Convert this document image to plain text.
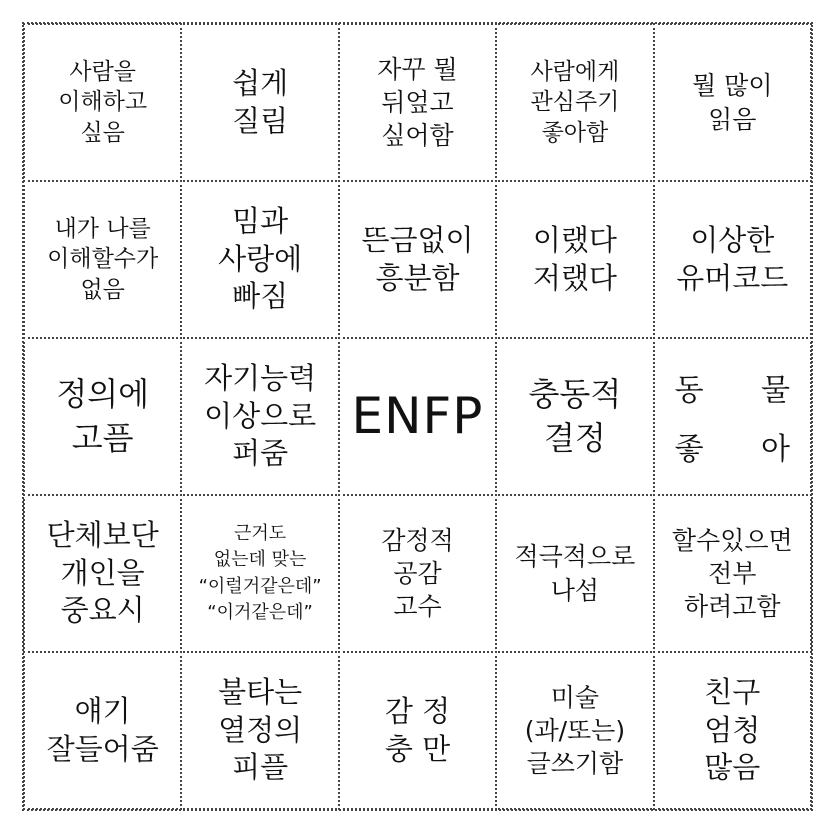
사람을
이해하고
싶음
쉽게
질림
자꾸 뭘
뒤엎고
싶어함
사람에게
관심주기
좋아함
뭘 많이
읽음
내가 나를
이해할수가
없음
밈과
사랑에
빠짐
뜬금없이
흥분함
이랬다
저랬다
이상한
유머코드
정의에
고픔
자기능력
이상으로
퍼줌
ENFP 충동적
결정
동 물
좋 아
단체보단
개인을
중요시
근거도
없는데 맞는
“이럴거같은데”
“이거같은데”
감정적
공감
고수
적극적으로
나섬
할수있으면
전부
하려고함
얘기
잘들어줌
불타는
열정의
피플
감 정
충 만
미술
(과/또는)
글쓰기함
친구
엄청
많음
